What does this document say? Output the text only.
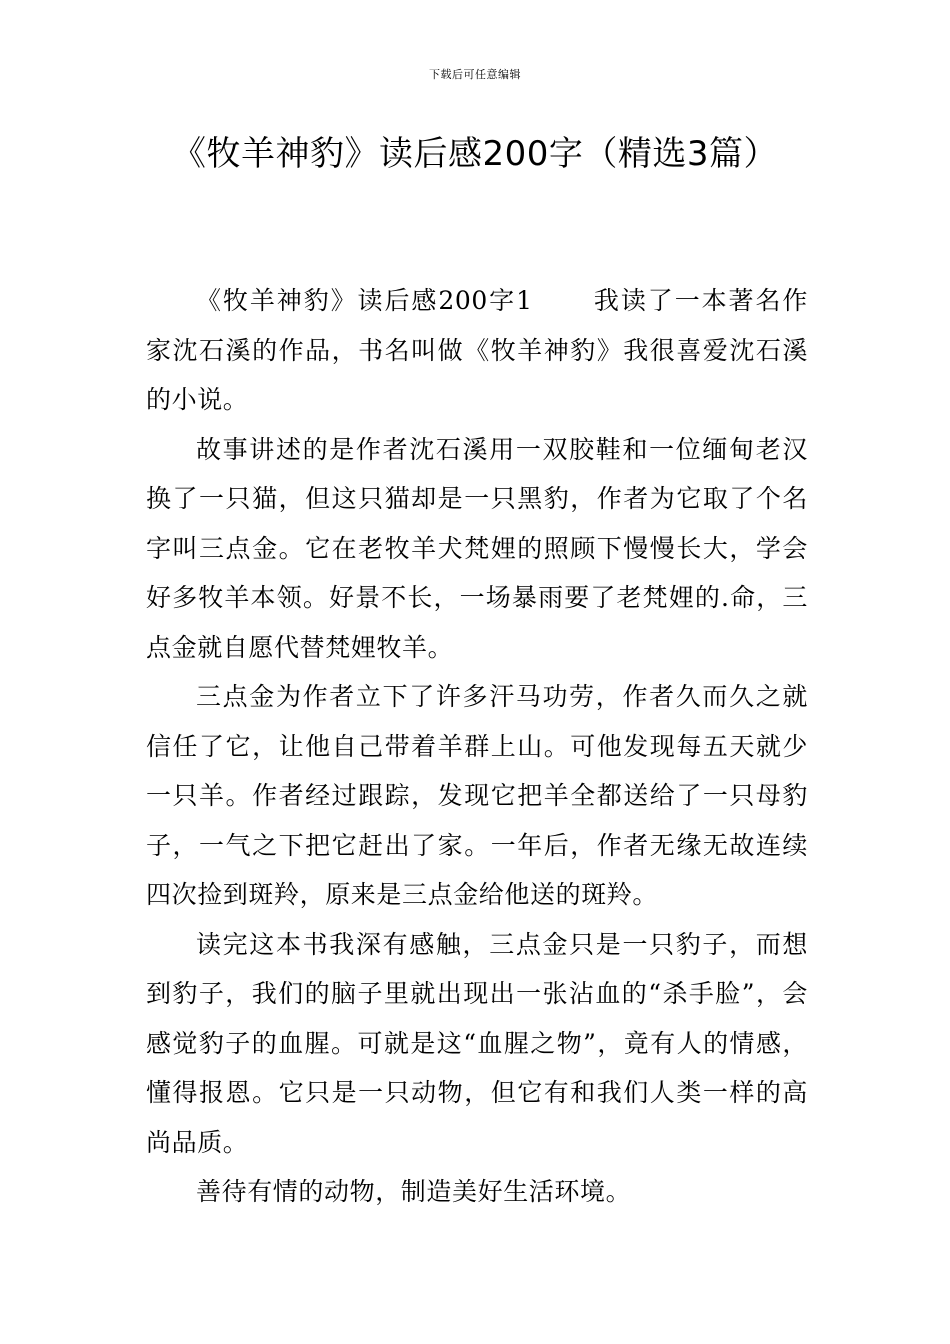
下载后可任意编辑
《牧羊神豹》读后感200字（精选3篇）

《牧羊神豹》读后感200字1 我读了一本著名作家沈石溪的作品，书名叫做《牧羊神豹》我很喜爱沈石溪的小说。

故事讲述的是作者沈石溪用一双胶鞋和一位缅甸老汉换了一只猫，但这只猫却是一只黑豹，作者为它取了个名字叫三点金。它在老牧羊犬梵娌的照顾下慢慢长大，学会好多牧羊本领。好景不长，一场暴雨要了老梵娌的.命，三点金就自愿代替梵娌牧羊。

三点金为作者立下了许多汗马功劳，作者久而久之就信任了它，让他自己带着羊群上山。可他发现每五天就少一只羊。作者经过跟踪，发现它把羊全都送给了一只母豹子，一气之下把它赶出了家。一年后，作者无缘无故连续四次捡到斑羚，原来是三点金给他送的斑羚。

读完这本书我深有感触，三点金只是一只豹子，而想到豹子，我们的脑子里就出现出一张沾血的“杀手脸”，会感觉豹子的血腥。可就是这“血腥之物”，竟有人的情感，懂得报恩。它只是一只动物，但它有和我们人类一样的高尚品质。

善待有情的动物，制造美好生活环境。
